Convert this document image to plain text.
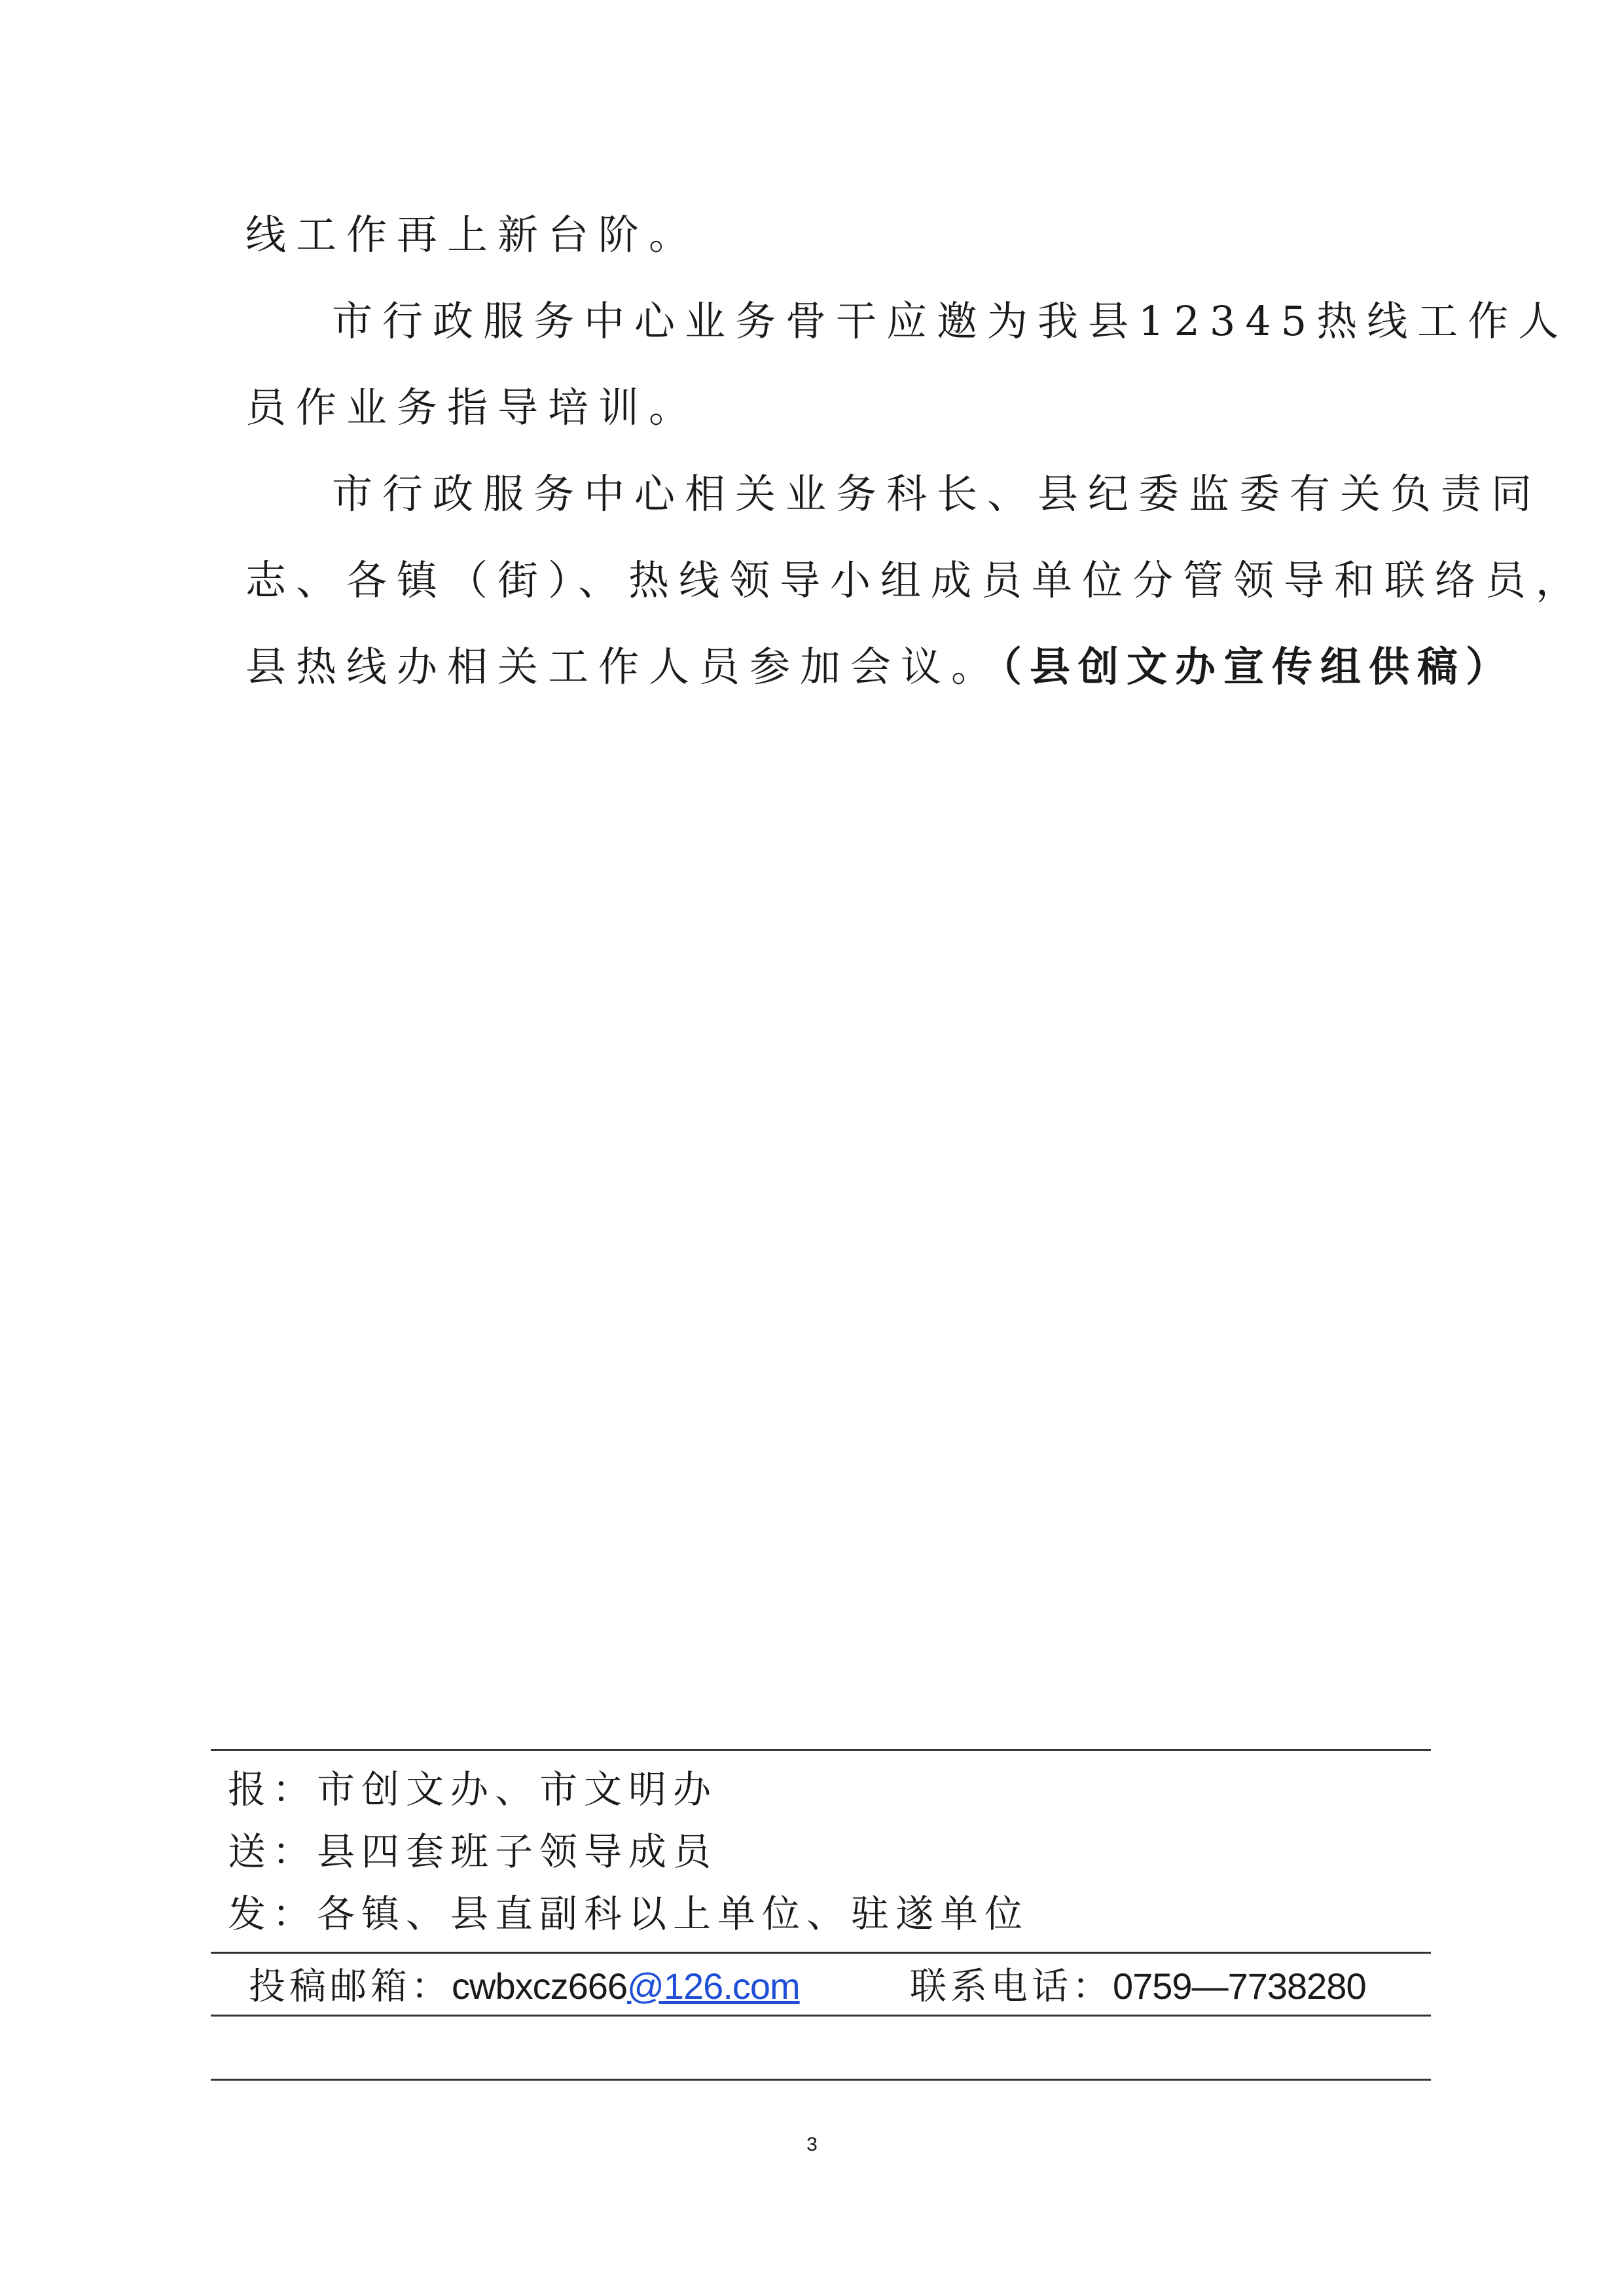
线工作再上新台阶。
市行政服务中心业务骨干应邀为我县12345热线工作人
员作业务指导培训。
市行政服务中心相关业务科长、县纪委监委有关负责同
志、各镇（街）、热线领导小组成员单位分管领导和联络员，
县热线办相关工作人员参加会议。（县创文办宣传组供稿）
报：市创文办、市文明办
送：县四套班子领导成员
发：各镇、县直副科以上单位、驻遂单位
投稿邮箱：cwbxcz666@126.com	联系电话：0759—7738280
3
